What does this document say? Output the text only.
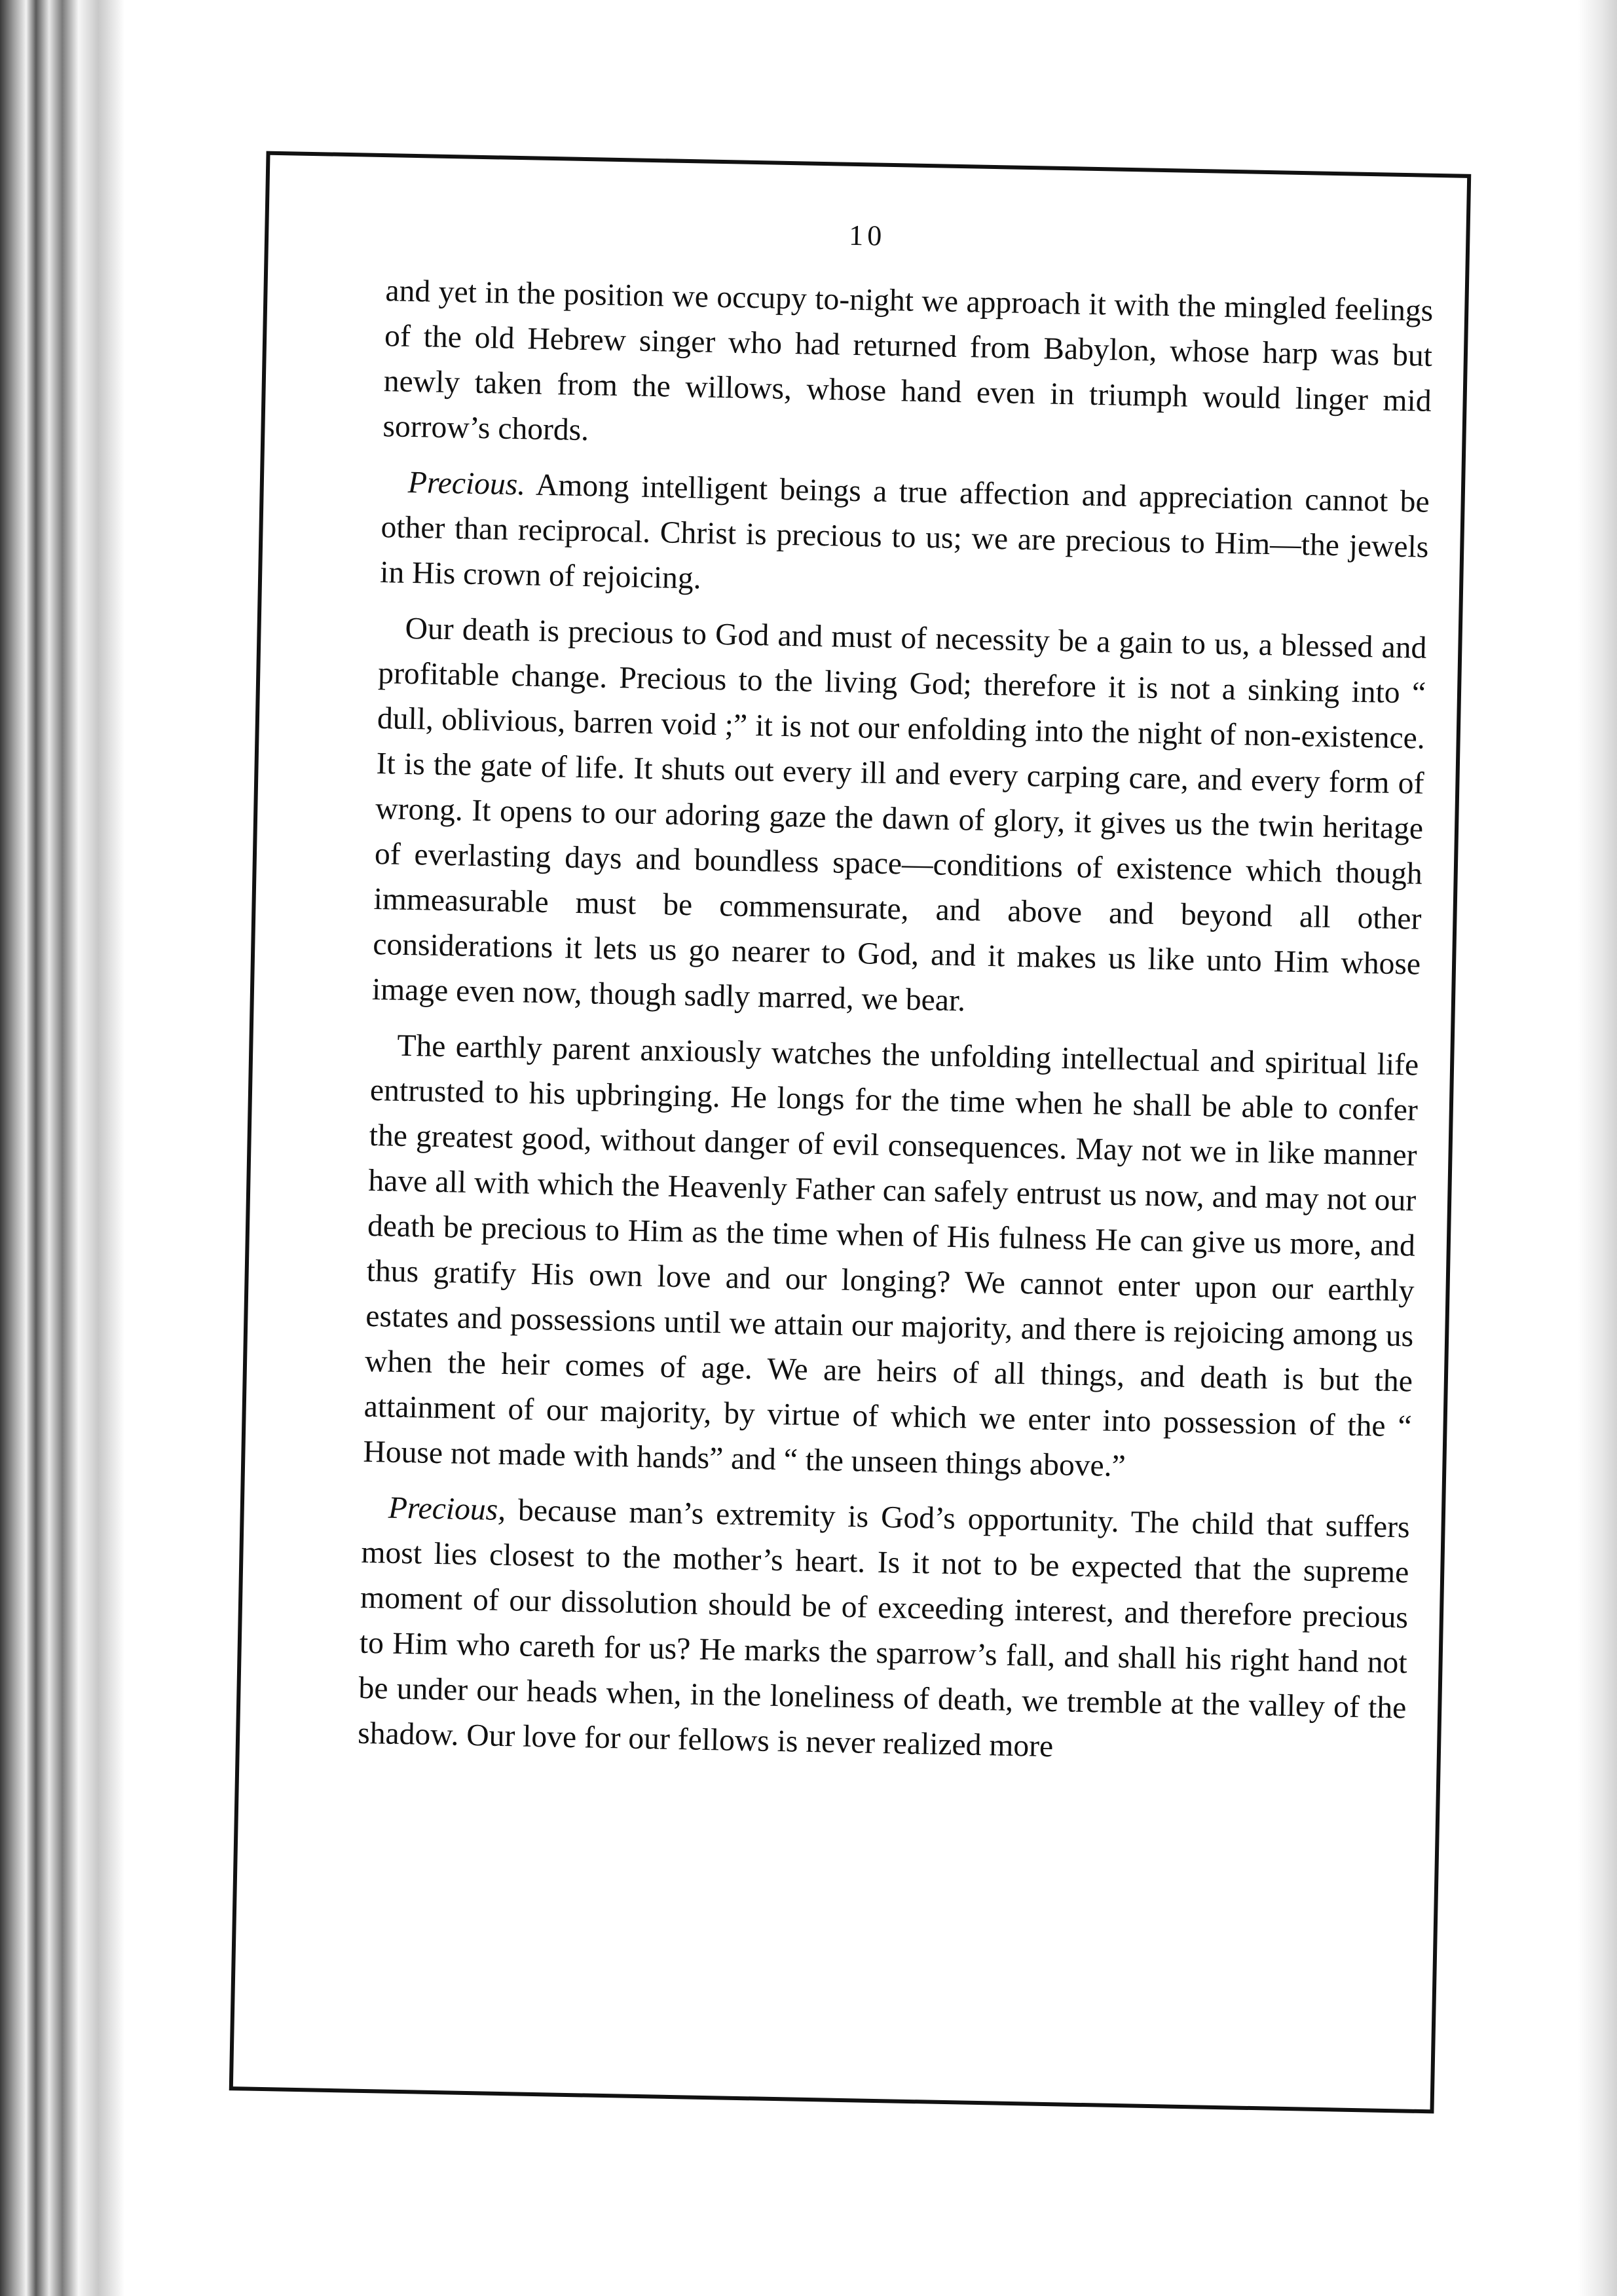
10

and yet in the position we occupy to-night we approach it with the mingled feelings of the old Hebrew singer who had returned from Babylon, whose harp was but newly taken from the willows, whose hand even in triumph would linger mid sorrow’s chords.

Precious. Among intelligent beings a true affection and appreciation cannot be other than reciprocal. Christ is precious to us; we are precious to Him—the jewels in His crown of rejoicing.

Our death is precious to God and must of necessity be a gain to us, a blessed and profitable change. Precious to the living God; therefore it is not a sinking into “ dull, oblivious, barren void ;” it is not our enfolding into the night of non-existence. It is the gate of life. It shuts out every ill and every carping care, and every form of wrong. It opens to our adoring gaze the dawn of glory, it gives us the twin heritage of everlasting days and boundless space—conditions of existence which though immeasurable must be commensurate, and above and beyond all other considerations it lets us go nearer to God, and it makes us like unto Him whose image even now, though sadly marred, we bear.

The earthly parent anxiously watches the unfolding intellectual and spiritual life entrusted to his upbringing. He longs for the time when he shall be able to confer the greatest good, without danger of evil consequences. May not we in like manner have all with which the Heavenly Father can safely entrust us now, and may not our death be precious to Him as the time when of His fulness He can give us more, and thus gratify His own love and our longing? We cannot enter upon our earthly estates and possessions until we attain our majority, and there is rejoicing among us when the heir comes of age. We are heirs of all things, and death is but the attainment of our majority, by virtue of which we enter into possession of the “ House not made with hands” and “ the unseen things above.”

Precious, because man’s extremity is God’s opportunity. The child that suffers most lies closest to the mother’s heart. Is it not to be expected that the supreme moment of our dissolution should be of exceeding interest, and therefore precious to Him who careth for us? He marks the sparrow’s fall, and shall his right hand not be under our heads when, in the loneliness of death, we tremble at the valley of the shadow. Our love for our fellows is never realized more
